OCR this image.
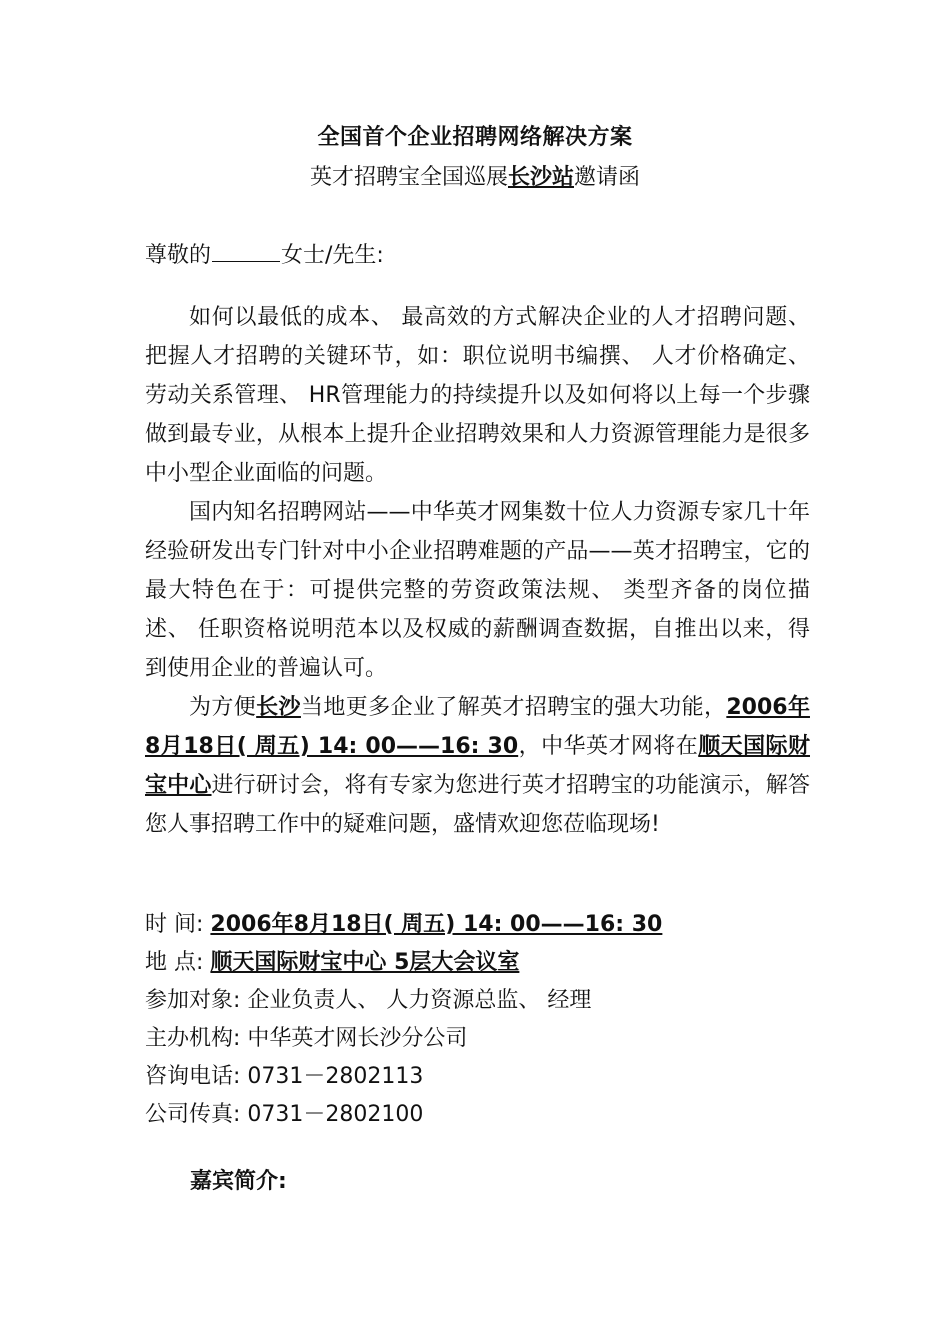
全国首个企业招聘网络解决方案
英才招聘宝全国巡展长沙站邀请函
尊敬的	女士/先生:

如何以最低的成本、 最高效的方式解决企业的人才招聘问题、 把握人才招聘的关键环节，如：职位说明书编撰、 人才价格确定、 劳动关系管理、 HR管理能力的持续提升以及如何将以上每一个步骤做到最专业，从根本上提升企业招聘效果和人力资源管理能力是很多中小型企业面临的问题。

国内知名招聘网站——中华英才网集数十位人力资源专家几十年经验研发出专门针对中小企业招聘难题的产品——英才招聘宝，它的最大特色在于：可提供完整的劳资政策法规、 类型齐备的岗位描述、 任职资格说明范本以及权威的薪酬调查数据，自推出以来，得到使用企业的普遍认可。

为方便长沙当地更多企业了解英才招聘宝的强大功能，2006年8月18日( 周五) 14: 00——16: 30，中华英才网将在顺天国际财宝中心进行研讨会，将有专家为您进行英才招聘宝的功能演示，解答您人事招聘工作中的疑难问题，盛情欢迎您莅临现场!

时 间: 2006年8月18日( 周五) 14: 00——16: 30
地 点: 顺天国际财宝中心 5层大会议室
参加对象: 企业负责人、 人力资源总监、 经理
主办机构: 中华英才网长沙分公司
咨询电话: 0731－2802113
公司传真: 0731－2802100
嘉宾简介:
